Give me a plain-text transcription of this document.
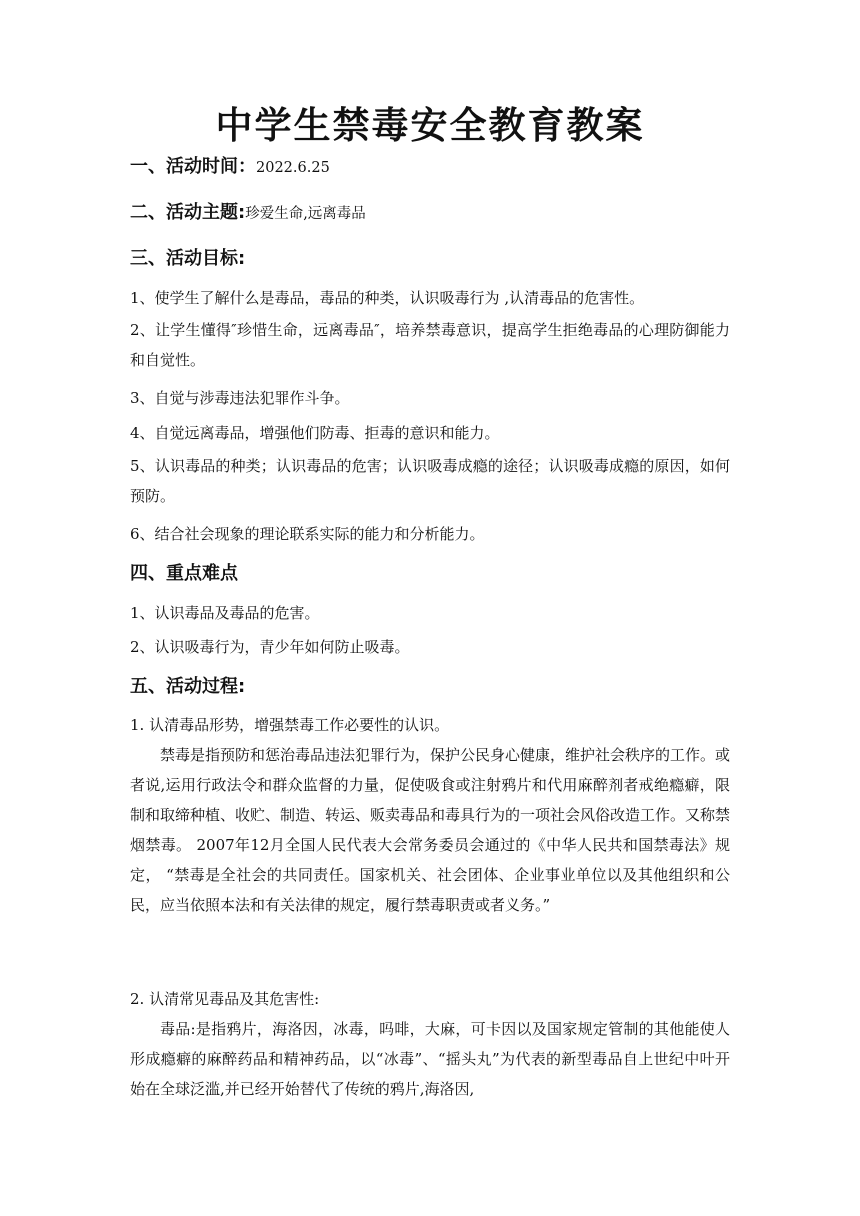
中学生禁毒安全教育教案
一、活动时间：2022.6.25
二、活动主题:珍爱生命,远离毒品
三、活动目标:
1、使学生了解什么是毒品，毒品的种类，认识吸毒行为 ,认清毒品的危害性。
2、让学生懂得″珍惜生命，远离毒品″，培养禁毒意识，提高学生拒绝毒品的心理防御能力和自觉性。
3、自觉与涉毒违法犯罪作斗争。
4、自觉远离毒品，增强他们防毒、拒毒的意识和能力。
5、认识毒品的种类；认识毒品的危害；认识吸毒成瘾的途径；认识吸毒成瘾的原因，如何预防。
6、结合社会现象的理论联系实际的能力和分析能力。
四、重点难点
1、认识毒品及毒品的危害。
2、认识吸毒行为，青少年如何防止吸毒。
五、活动过程:
1. 认清毒品形势，增强禁毒工作必要性的认识。
禁毒是指预防和惩治毒品违法犯罪行为，保护公民身心健康，维护社会秩序的工作。或者说,运用行政法令和群众监督的力量，促使吸食或注射鸦片和代用麻醉剂者戒绝瘾癖，限制和取缔种植、收贮、制造、转运、贩卖毒品和毒具行为的一项社会风俗改造工作。又称禁烟禁毒。 2007年12月全国人民代表大会常务委员会通过的《中华人民共和国禁毒法》规定， “禁毒是全社会的共同责任。国家机关、社会团体、企业事业单位以及其他组织和公民，应当依照本法和有关法律的规定，履行禁毒职责或者义务。”
2. 认清常见毒品及其危害性:
毒品:是指鸦片，海洛因，冰毒，吗啡，大麻，可卡因以及国家规定管制的其他能使人形成瘾癖的麻醉药品和精神药品，以“冰毒”、“摇头丸”为代表的新型毒品自上世纪中叶开始在全球泛滥,并已经开始替代了传统的鸦片,海洛因,
